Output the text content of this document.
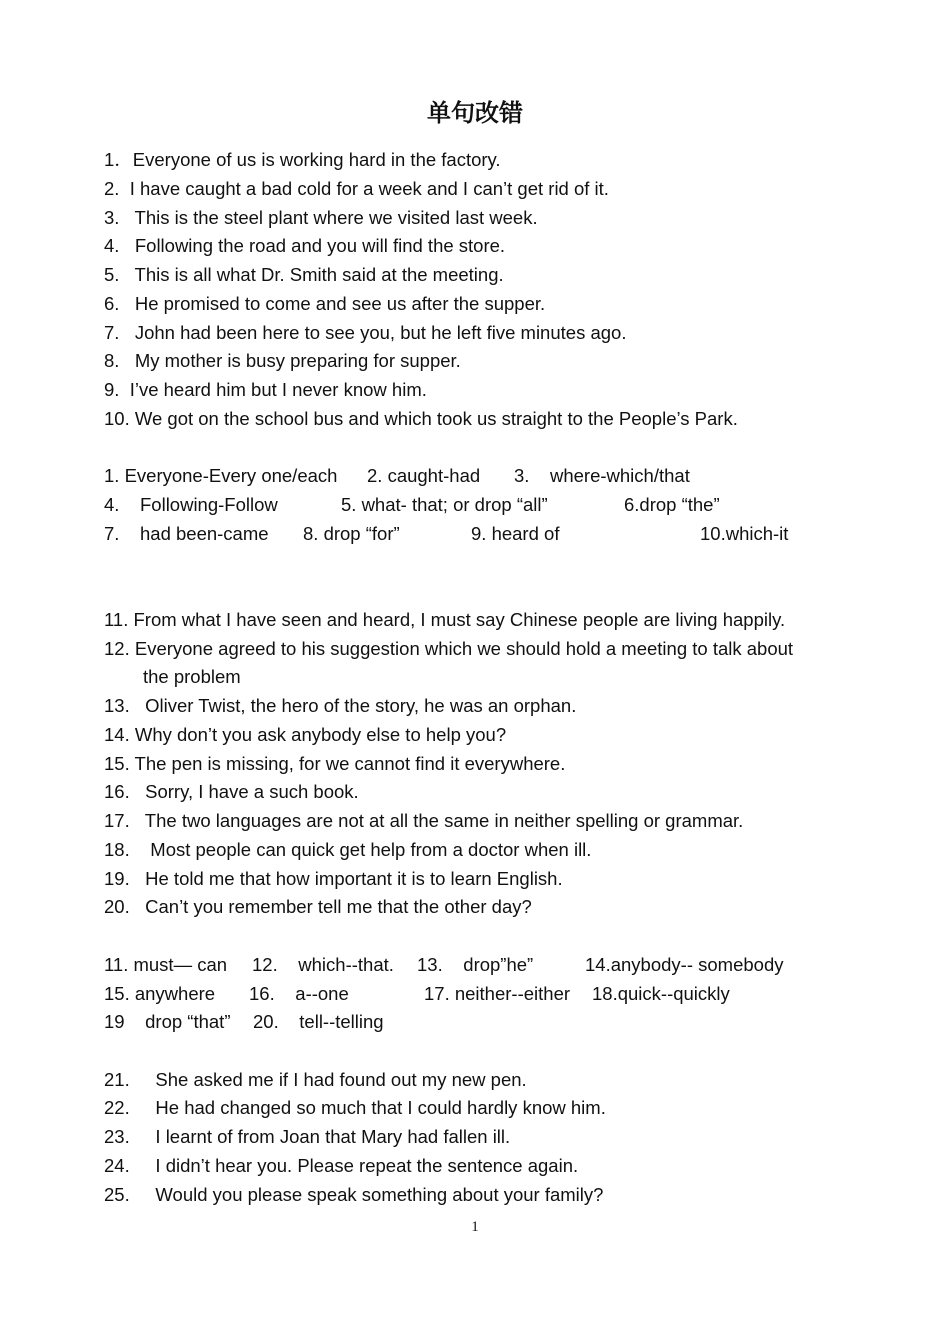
单句改错
1．Everyone of us is working hard in the factory.
2.  I have caught a bad cold for a week and I can’t get rid of it.
3.   This is the steel plant where we visited last week.
4.   Following the road and you will find the store.
5.   This is all what Dr. Smith said at the meeting.
6.   He promised to come and see us after the supper.
7.   John had been here to see you, but he left five minutes ago.
8.   My mother is busy preparing for supper.
9.  I’ve heard him but I never know him.
10. We got on the school bus and which took us straight to the People’s Park.
1. Everyone-Every one/each 2. caught-had 3.    where-which/that
4.    Following-Follow	5. what- that; or drop “all”	6.drop “the”
7.    had been-came 8. drop “for”	9. heard of	10.which-it
11. From what I have seen and heard, I must say Chinese people are living happily.
12. Everyone agreed to his suggestion which we should hold a meeting to talk about
the problem
13.   Oliver Twist, the hero of the story, he was an orphan.
14. Why don’t you ask anybody else to help you?
15. The pen is missing, for we cannot find it everywhere.
16.   Sorry, I have a such book.
17.   The two languages are not at all the same in neither spelling or grammar.
18.    Most people can quick get help from a doctor when ill.
19.   He told me that how important it is to learn English.
20.   Can’t you remember tell me that the other day?
11. must— can 12.    which--that. 13.    drop”he”	14.anybody-- somebody
15. anywhere 16.    a--one	17. neither--either 18.quick--quickly
19    drop “that” 20.    tell--telling
21.     She asked me if I had found out my new pen.
22.     He had changed so much that I could hardly know him.
23.     I learnt of from Joan that Mary had fallen ill.
24.     I didn’t hear you. Please repeat the sentence again.
25.     Would you please speak something about your family?
1
